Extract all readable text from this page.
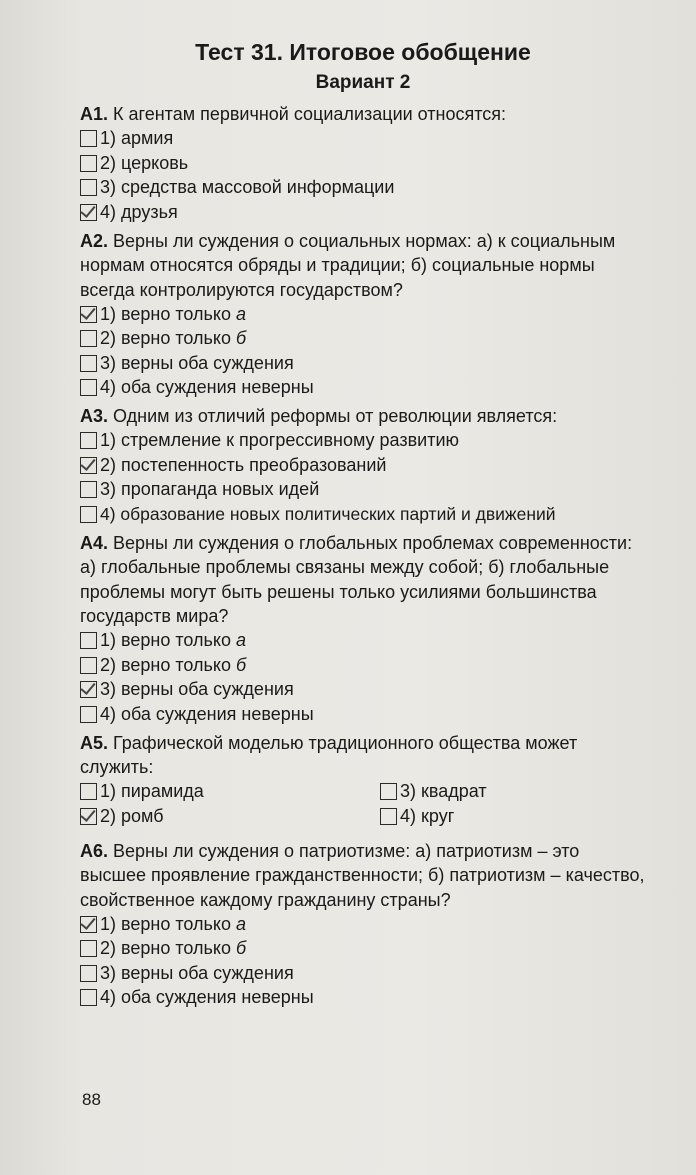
Тест 31. Итоговое обобщение
Вариант 2

А1. К агентам первичной социализации относятся:

1) армия
2) церковь
3) средства массовой информации
4) друзья

А2. Верны ли суждения о социальных нормах: а) к социальным нормам относятся обряды и традиции; б) социальные нормы всегда контролируются государством?

1) верно только
а
2) верно только
б
3) верны оба суждения
4) оба суждения неверны

А3. Одним из отличий реформы от революции является:

1) стремление к прогрессивному развитию
2) постепенность преобразований
3) пропаганда новых идей
4) образование новых политических партий и движений

А4. Верны ли суждения о глобальных проблемах современности: а) глобальные проблемы связаны между собой; б) глобальные проблемы могут быть решены только усилиями большинства государств мира?

1) верно только
а
2) верно только
б
3) верны оба суждения
4) оба суждения неверны

А5. Графической моделью традиционного общества может служить:

1) пирамида	3) квадрат
2) ромб	4) круг

А6. Верны ли суждения о патриотизме: а) патриотизм – это высшее проявление гражданственности; б) патриотизм – качество, свойственное каждому гражданину страны?

1) верно только
а
2) верно только
б
3) верны оба суждения
4) оба суждения неверны
88
